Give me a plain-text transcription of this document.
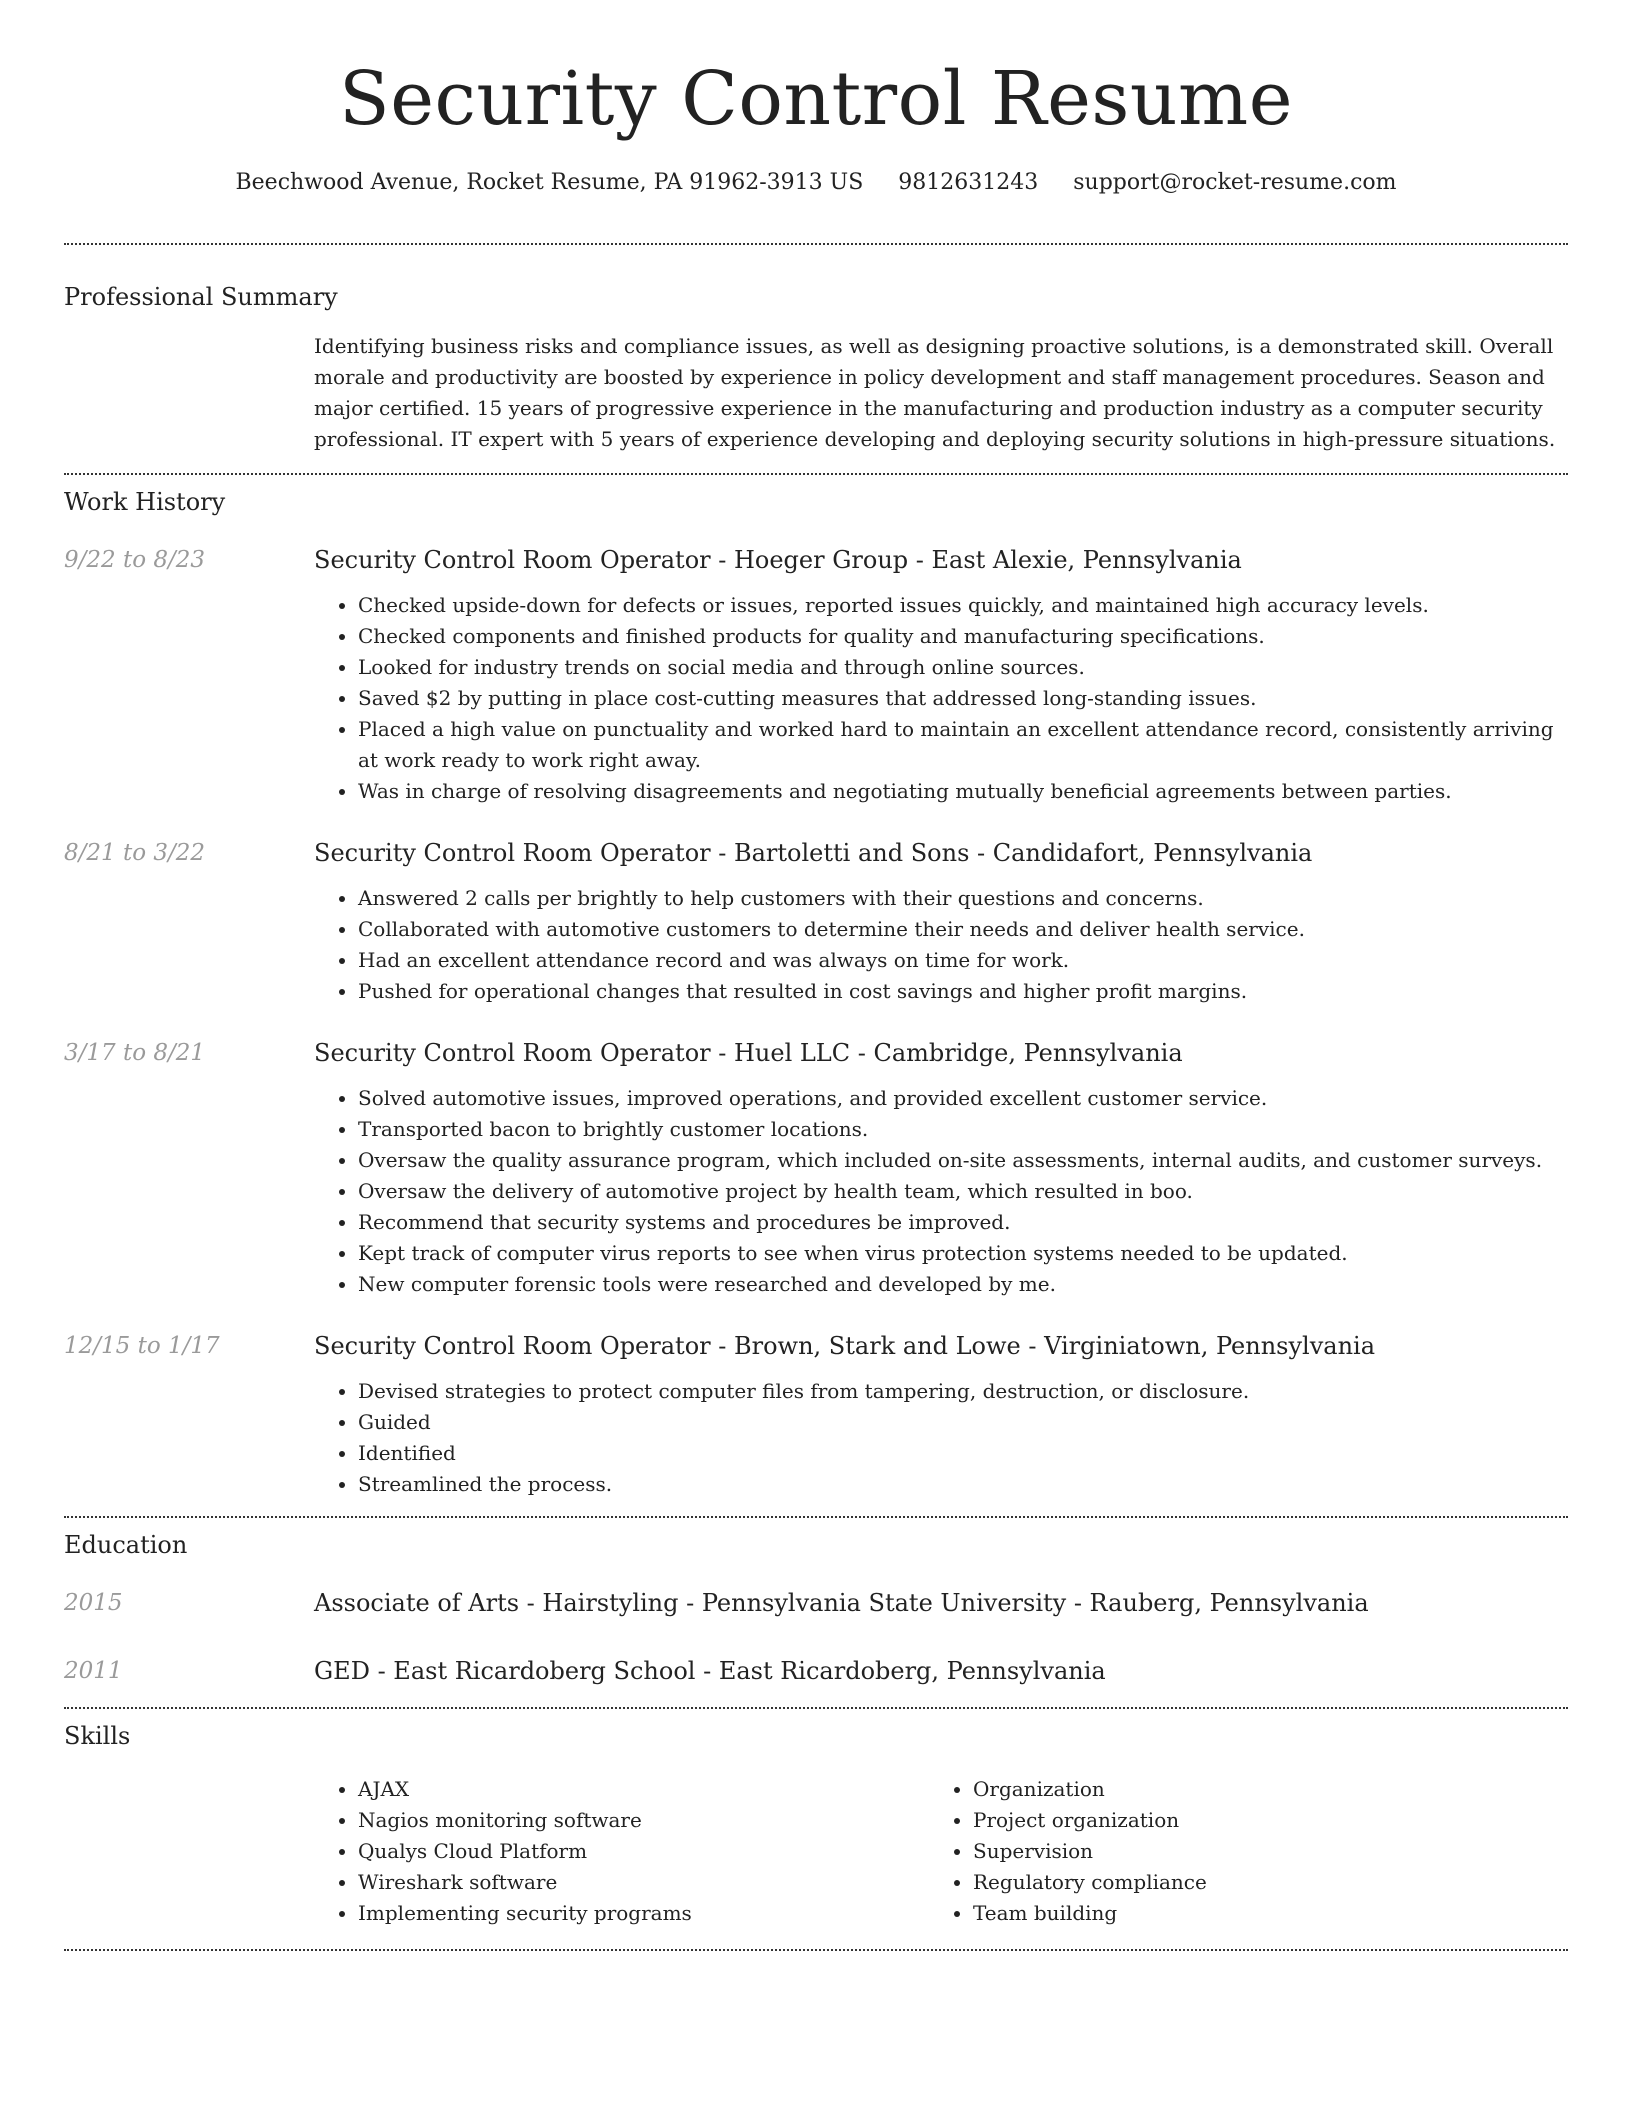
Security Control Resume
Beechwood Avenue, Rocket Resume, PA 91962-3913 US 9812631243 support@rocket-resume.com
Professional Summary

Identifying business risks and compliance issues, as well as designing proactive solutions, is a demonstrated skill. Overall morale and productivity are boosted by experience in policy development and staff management procedures. Season and major certified. 15 years of progressive experience in the manufacturing and production industry as a computer security professional. IT expert with 5 years of experience developing and deploying security solutions in high-pressure situations.

Work History
9/22 to 8/23	Security Control Room Operator - Hoeger Group - East Alexie, Pennsylvania
• Checked upside-down for defects or issues, reported issues quickly, and maintained high accuracy levels.
• Checked components and finished products for quality and manufacturing specifications.
• Looked for industry trends on social media and through online sources.
• Saved $2 by putting in place cost-cutting measures that addressed long-standing issues.
• Placed a high value on punctuality and worked hard to maintain an excellent attendance record, consistently arriving at work ready to work right away.
• Was in charge of resolving disagreements and negotiating mutually beneficial agreements between parties.
8/21 to 3/22	Security Control Room Operator - Bartoletti and Sons - Candidafort, Pennsylvania
• Answered 2 calls per brightly to help customers with their questions and concerns.
• Collaborated with automotive customers to determine their needs and deliver health service.
• Had an excellent attendance record and was always on time for work.
• Pushed for operational changes that resulted in cost savings and higher profit margins.
3/17 to 8/21	Security Control Room Operator - Huel LLC - Cambridge, Pennsylvania
• Solved automotive issues, improved operations, and provided excellent customer service.
• Transported bacon to brightly customer locations.
• Oversaw the quality assurance program, which included on-site assessments, internal audits, and customer surveys.
• Oversaw the delivery of automotive project by health team, which resulted in boo.
• Recommend that security systems and procedures be improved.
• Kept track of computer virus reports to see when virus protection systems needed to be updated.
• New computer forensic tools were researched and developed by me.
12/15 to 1/17	Security Control Room Operator - Brown, Stark and Lowe - Virginiatown, Pennsylvania
• Devised strategies to protect computer files from tampering, destruction, or disclosure.
• Guided
• Identified
• Streamlined the process.
Education
2015	Associate of Arts - Hairstyling - Pennsylvania State University - Rauberg, Pennsylvania
2011	GED - East Ricardoberg School - East Ricardoberg, Pennsylvania
Skills
• AJAX
• Nagios monitoring software
• Qualys Cloud Platform
• Wireshark software
• Implementing security programs
• Organization
• Project organization
• Supervision
• Regulatory compliance
• Team building
